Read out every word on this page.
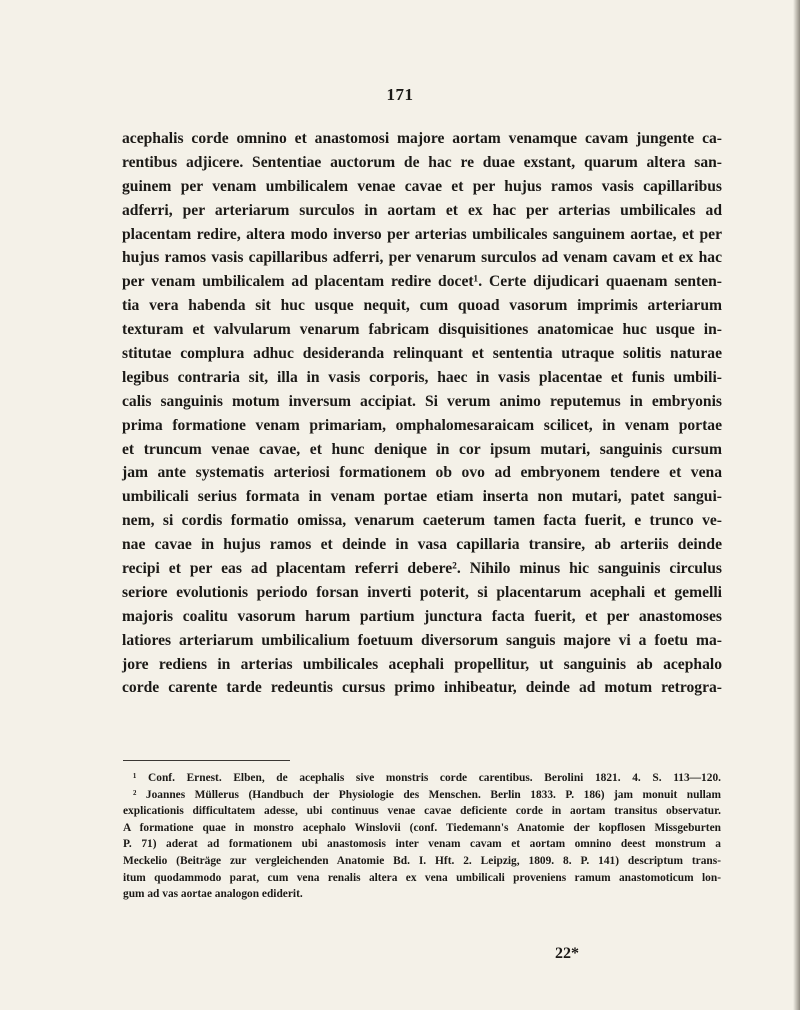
171
acephalis corde omnino et anastomosi majore aortam venamque cavam jungente ca-
rentibus adjicere. Sententiae auctorum de hac re duae exstant, quarum altera san-
guinem per venam umbilicalem venae cavae et per hujus ramos vasis capillaribus
adferri, per arteriarum surculos in aortam et ex hac per arterias umbilicales ad
placentam redire, altera modo inverso per arterias umbilicales sanguinem aortae, et per
hujus ramos vasis capillaribus adferri, per venarum surculos ad venam cavam et ex hac
per venam umbilicalem ad placentam redire docet¹. Certe dijudicari quaenam senten-
tia vera habenda sit huc usque nequit, cum quoad vasorum imprimis arteriarum
texturam et valvularum venarum fabricam disquisitiones anatomicae huc usque in-
stitutae complura adhuc desideranda relinquant et sententia utraque solitis naturae
legibus contraria sit, illa in vasis corporis, haec in vasis placentae et funis umbili-
calis sanguinis motum inversum accipiat. Si verum animo reputemus in embryonis
prima formatione venam primariam, omphalomesaraicam scilicet, in venam portae
et truncum venae cavae, et hunc denique in cor ipsum mutari, sanguinis cursum
jam ante systematis arteriosi formationem ob ovo ad embryonem tendere et vena
umbilicali serius formata in venam portae etiam inserta non mutari, patet sangui-
nem, si cordis formatio omissa, venarum caeterum tamen facta fuerit, e trunco ve-
nae cavae in hujus ramos et deinde in vasa capillaria transire, ab arteriis deinde
recipi et per eas ad placentam referri debere². Nihilo minus hic sanguinis circulus
seriore evolutionis periodo forsan inverti poterit, si placentarum acephali et gemelli
majoris coalitu vasorum harum partium junctura facta fuerit, et per anastomoses
latiores arteriarum umbilicalium foetuum diversorum sanguis majore vi a foetu ma-
jore rediens in arterias umbilicales acephali propellitur, ut sanguinis ab acephalo
corde carente tarde redeuntis cursus primo inhibeatur, deinde ad motum retrogra-
¹ Conf. Ernest. Elben, de acephalis sive monstris corde carentibus. Berolini 1821. 4. S. 113—120.
² Joannes Müllerus (Handbuch der Physiologie des Menschen. Berlin 1833. P. 186) jam monuit nullam
explicationis difficultatem adesse, ubi continuus venae cavae deficiente corde in aortam transitus observatur.
A formatione quae in monstro acephalo Winslovii (conf. Tiedemann's Anatomie der kopflosen Missgeburten
P. 71) aderat ad formationem ubi anastomosis inter venam cavam et aortam omnino deest monstrum a
Meckelio (Beiträge zur vergleichenden Anatomie Bd. I. Hft. 2. Leipzig, 1809. 8. P. 141) descriptum trans-
itum quodammodo parat, cum vena renalis altera ex vena umbilicali proveniens ramum anastomoticum lon-
gum ad vas aortae analogon ediderit.
22*
